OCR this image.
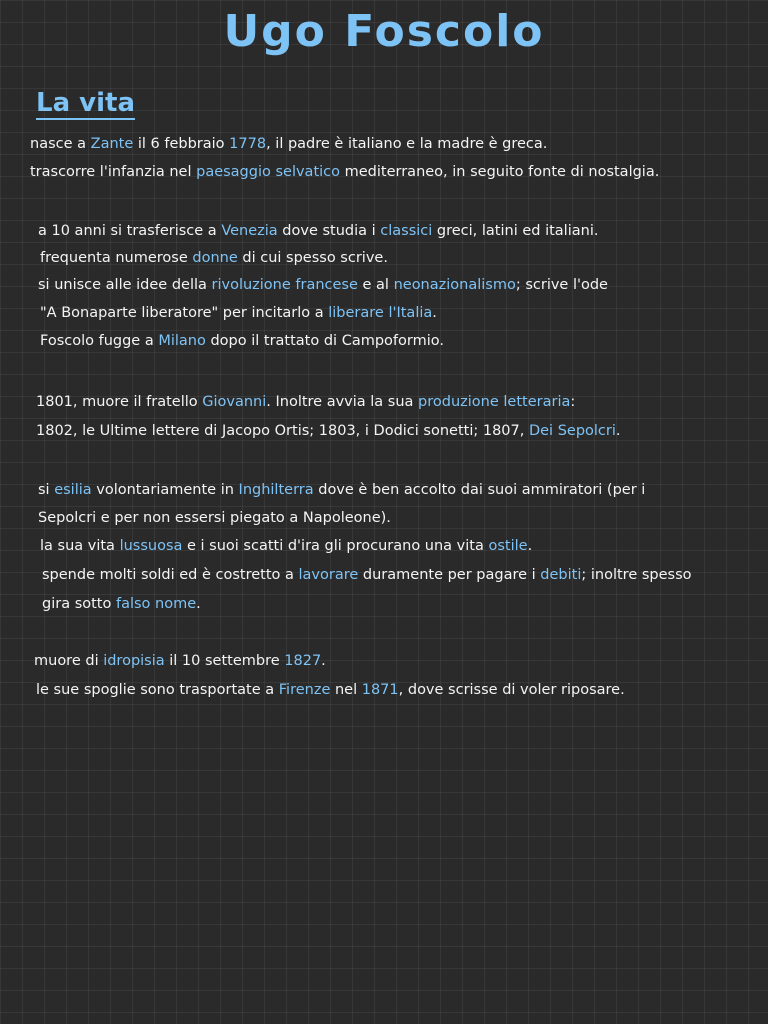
Ugo Foscolo
La vita
nasce a Zante il 6 febbraio 1778, il padre è italiano e la madre è greca.
trascorre l'infanzia nel paesaggio selvatico mediterraneo, in seguito fonte di nostalgia.
a 10 anni si trasferisce a Venezia dove studia i classici greci, latini ed italiani.
frequenta numerose donne di cui spesso scrive.
si unisce alle idee della rivoluzione francese e al neonazionalismo; scrive l'ode
"A Bonaparte liberatore" per incitarlo a liberare l'Italia.
Foscolo fugge a Milano dopo il trattato di Campoformio.
1801, muore il fratello Giovanni. Inoltre avvia la sua produzione letteraria:
1802, le Ultime lettere di Jacopo Ortis; 1803, i Dodici sonetti; 1807, Dei Sepolcri.
si esilia volontariamente in Inghilterra dove è ben accolto dai suoi ammiratori (per i
Sepolcri e per non essersi piegato a Napoleone).
la sua vita lussuosa e i suoi scatti d'ira gli procurano una vita ostile.
spende molti soldi ed è costretto a lavorare duramente per pagare i debiti; inoltre spesso
gira sotto falso nome.
muore di idropisia il 10 settembre 1827.
le sue spoglie sono trasportate a Firenze nel 1871, dove scrisse di voler riposare.
